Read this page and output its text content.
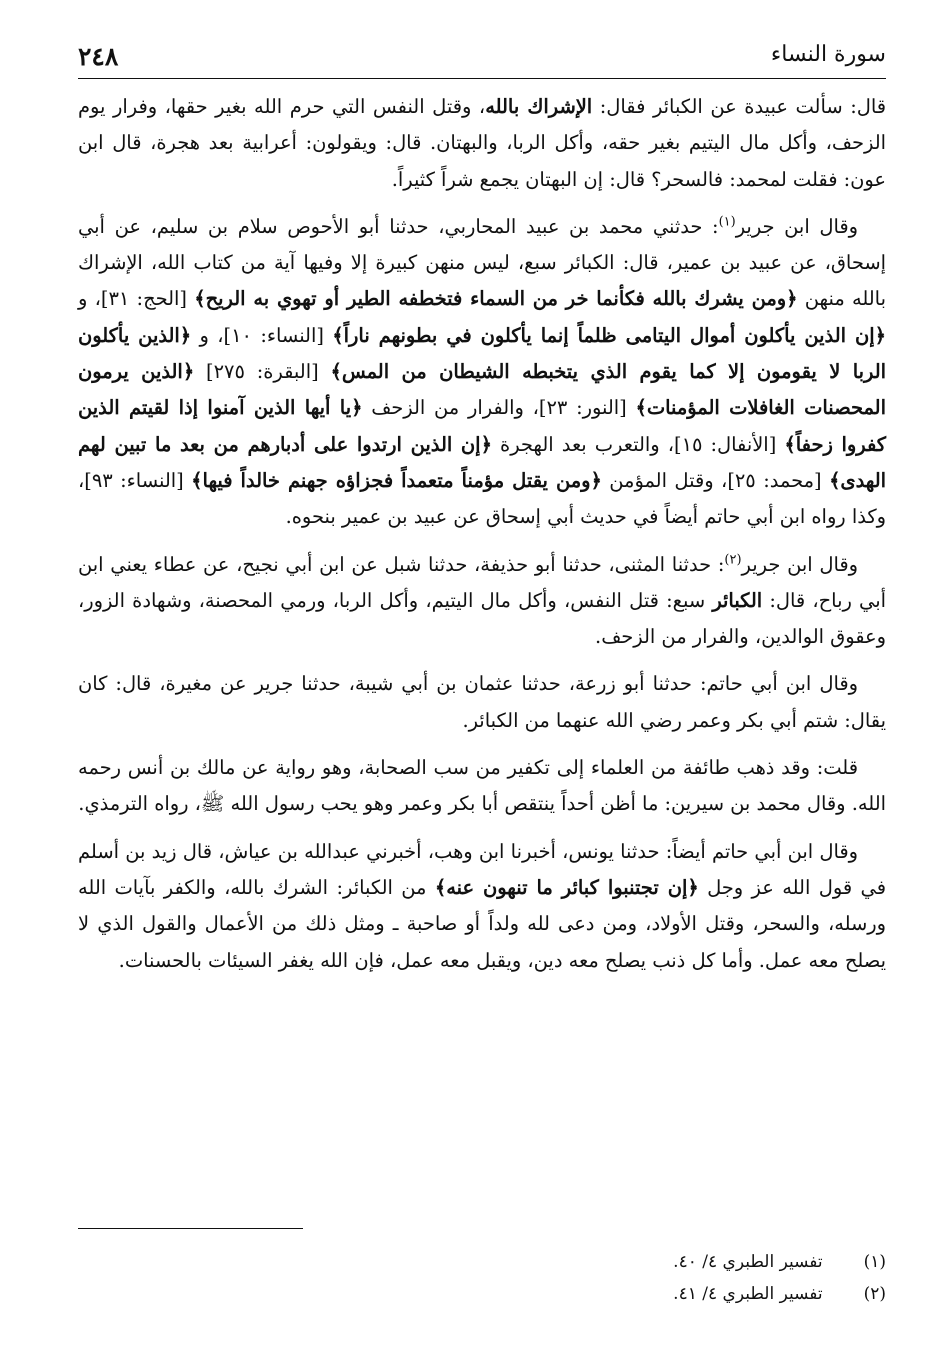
٢٤٨	سورة النساء

قال: سألت عبيدة عن الكبائر فقال: الإشراك بالله، وقتل النفس التي حرم الله بغير حقها، وفرار يوم الزحف، وأكل مال اليتيم بغير حقه، وأكل الربا، والبهتان. قال: ويقولون: أعرابية بعد هجرة، قال ابن عون: فقلت لمحمد: فالسحر؟ قال: إن البهتان يجمع شراً كثيراً.

وقال ابن جرير$^{(١)}$: حدثني محمد بن عبيد المحاربي، حدثنا أبو الأحوص سلام بن سليم، عن أبي إسحاق، عن عبيد بن عمير، قال: الكبائر سبع، ليس منهن كبيرة إلا وفيها آية من كتاب الله، الإشراك بالله منهن ﴿ومن يشرك بالله فكأنما خر من السماء فتخطفه الطير أو تهوي به الريح﴾ [الحج: ٣١]، و ﴿إن الذين يأكلون أموال اليتامى ظلماً إنما يأكلون في بطونهم ناراً﴾ [النساء: ١٠]، و ﴿الذين يأكلون الربا لا يقومون إلا كما يقوم الذي يتخبطه الشيطان من المس﴾ [البقرة: ٢٧٥] ﴿الذين يرمون المحصنات الغافلات المؤمنات﴾ [النور: ٢٣]، والفرار من الزحف ﴿يا أيها الذين آمنوا إذا لقيتم الذين كفروا زحفاً﴾ [الأنفال: ١٥]، والتعرب بعد الهجرة ﴿إن الذين ارتدوا على أدبارهم من بعد ما تبين لهم الهدى﴾ [محمد: ٢٥]، وقتل المؤمن ﴿ومن يقتل مؤمناً متعمداً فجزاؤه جهنم خالداً فيها﴾ [النساء: ٩٣]، وكذا رواه ابن أبي حاتم أيضاً في حديث أبي إسحاق عن عبيد بن عمير بنحوه.

وقال ابن جرير$^{(٢)}$: حدثنا المثنى، حدثنا أبو حذيفة، حدثنا شبل عن ابن أبي نجيح، عن عطاء يعني ابن أبي رباح، قال: الكبائر سبع: قتل النفس، وأكل مال اليتيم، وأكل الربا، ورمي المحصنة، وشهادة الزور، وعقوق الوالدين، والفرار من الزحف.

وقال ابن أبي حاتم: حدثنا أبو زرعة، حدثنا عثمان بن أبي شيبة، حدثنا جرير عن مغيرة، قال: كان يقال: شتم أبي بكر وعمر رضي الله عنهما من الكبائر.

قلت: وقد ذهب طائفة من العلماء إلى تكفير من سب الصحابة، وهو رواية عن مالك بن أنس رحمه الله. وقال محمد بن سيرين: ما أظن أحداً ينتقص أبا بكر وعمر وهو يحب رسول الله ﷺ، رواه الترمذي.

وقال ابن أبي حاتم أيضاً: حدثنا يونس، أخبرنا ابن وهب، أخبرني عبدالله بن عياش، قال زيد بن أسلم في قول الله عز وجل ﴿إن تجتنبوا كبائر ما تنهون عنه﴾ من الكبائر: الشرك بالله، والكفر بآيات الله ورسله، والسحر، وقتل الأولاد، ومن دعى لله ولداً أو صاحبة ـ ومثل ذلك من الأعمال والقول الذي لا يصلح معه عمل. وأما كل ذنب يصلح معه دين، ويقبل معه عمل، فإن الله يغفر السيئات بالحسنات.

(١) تفسير الطبري ٤/ ٤٠.
(٢) تفسير الطبري ٤/ ٤١.
